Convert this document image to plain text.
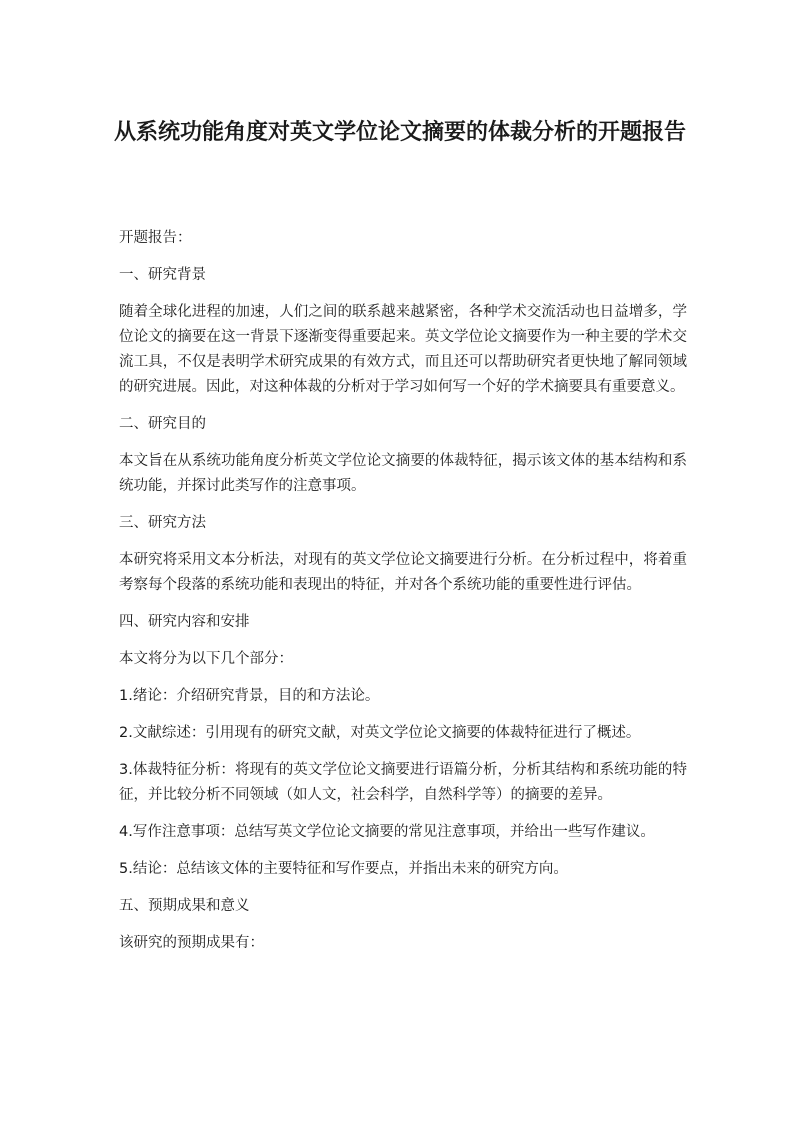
从系统功能角度对英文学位论文摘要的体裁分析的开题报告

开题报告：

一、研究背景

随着全球化进程的加速，人们之间的联系越来越紧密，各种学术交流活动也日益增多，学位论文的摘要在这一背景下逐渐变得重要起来。英文学位论文摘要作为一种主要的学术交流工具，不仅是表明学术研究成果的有效方式，而且还可以帮助研究者更快地了解同领域的研究进展。因此，对这种体裁的分析对于学习如何写一个好的学术摘要具有重要意义。

二、研究目的

本文旨在从系统功能角度分析英文学位论文摘要的体裁特征，揭示该文体的基本结构和系统功能，并探讨此类写作的注意事项。

三、研究方法

本研究将采用文本分析法，对现有的英文学位论文摘要进行分析。在分析过程中，将着重考察每个段落的系统功能和表现出的特征，并对各个系统功能的重要性进行评估。

四、研究内容和安排

本文将分为以下几个部分：

1.绪论：介绍研究背景，目的和方法论。

2.文献综述：引用现有的研究文献，对英文学位论文摘要的体裁特征进行了概述。

3.体裁特征分析：将现有的英文学位论文摘要进行语篇分析，分析其结构和系统功能的特征，并比较分析不同领域（如人文，社会科学，自然科学等）的摘要的差异。

4.写作注意事项：总结写英文学位论文摘要的常见注意事项，并给出一些写作建议。

5.结论：总结该文体的主要特征和写作要点，并指出未来的研究方向。

五、预期成果和意义

该研究的预期成果有：
